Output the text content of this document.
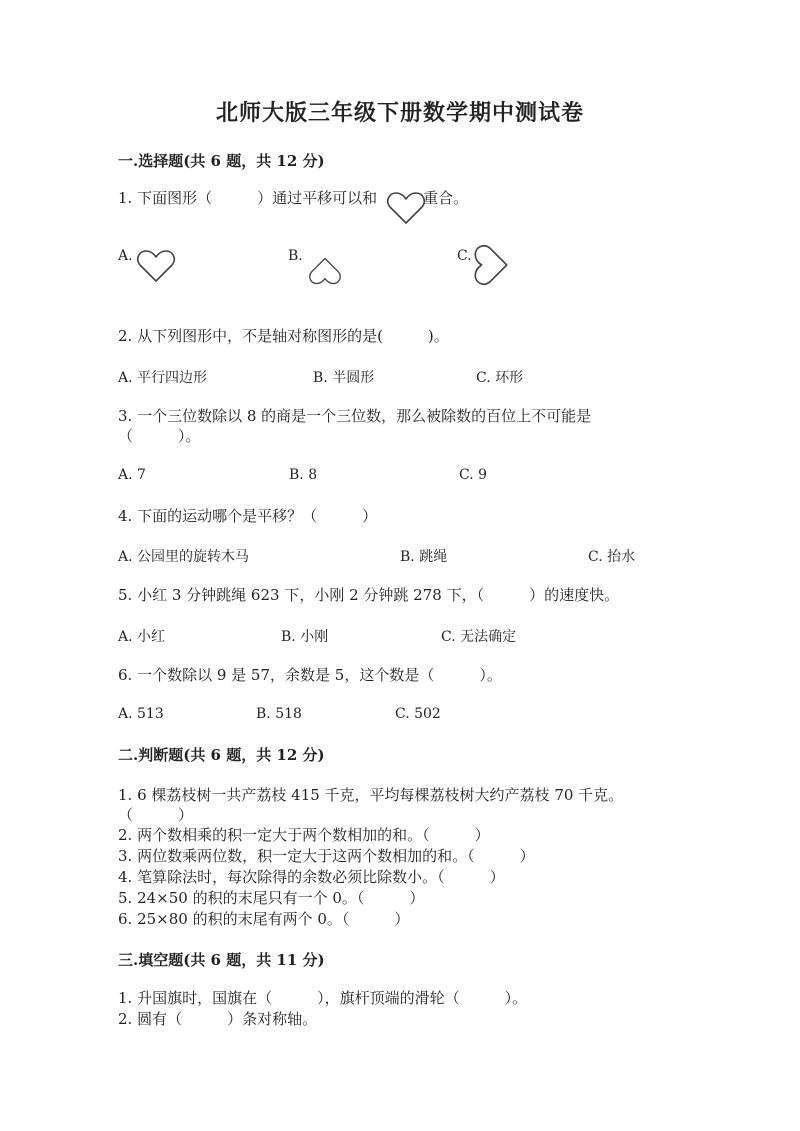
北师大版三年级下册数学期中测试卷
一.选择题(共 6 题，共 12 分)
1. 下面图形（　　　）通过平移可以和	重合。
A.	B.	C.
2. 从下列图形中，不是轴对称图形的是(　　　)。
A. 平行四边形	B. 半圆形	C. 环形
3. 一个三位数除以 8 的商是一个三位数，那么被除数的百位上不可能是
（　　　）。
A. 7	B. 8	C. 9
4. 下面的运动哪个是平移？（　　　）
A. 公园里的旋转木马	B. 跳绳	C. 抬水
5. 小红 3 分钟跳绳 623 下，小刚 2 分钟跳 278 下，（　　　）的速度快。
A. 小红	B. 小刚	C. 无法确定
6. 一个数除以 9 是 57，余数是 5，这个数是（　　　）。
A. 513	B. 518	C. 502
二.判断题(共 6 题，共 12 分)
1. 6 棵荔枝树一共产荔枝 415 千克，平均每棵荔枝树大约产荔枝 70 千克。
（　　　）
2. 两个数相乘的积一定大于两个数相加的和。（　　　）
3. 两位数乘两位数，积一定大于这两个数相加的和。（　　　）
4. 笔算除法时，每次除得的余数必须比除数小。（　　　）
5. 24×50 的积的末尾只有一个 0。（　　　）
6. 25×80 的积的末尾有两个 0。（　　　）
三.填空题(共 6 题，共 11 分)
1. 升国旗时，国旗在（　　　），旗杆顶端的滑轮（　　　）。
2. 圆有（　　　）条对称轴。
